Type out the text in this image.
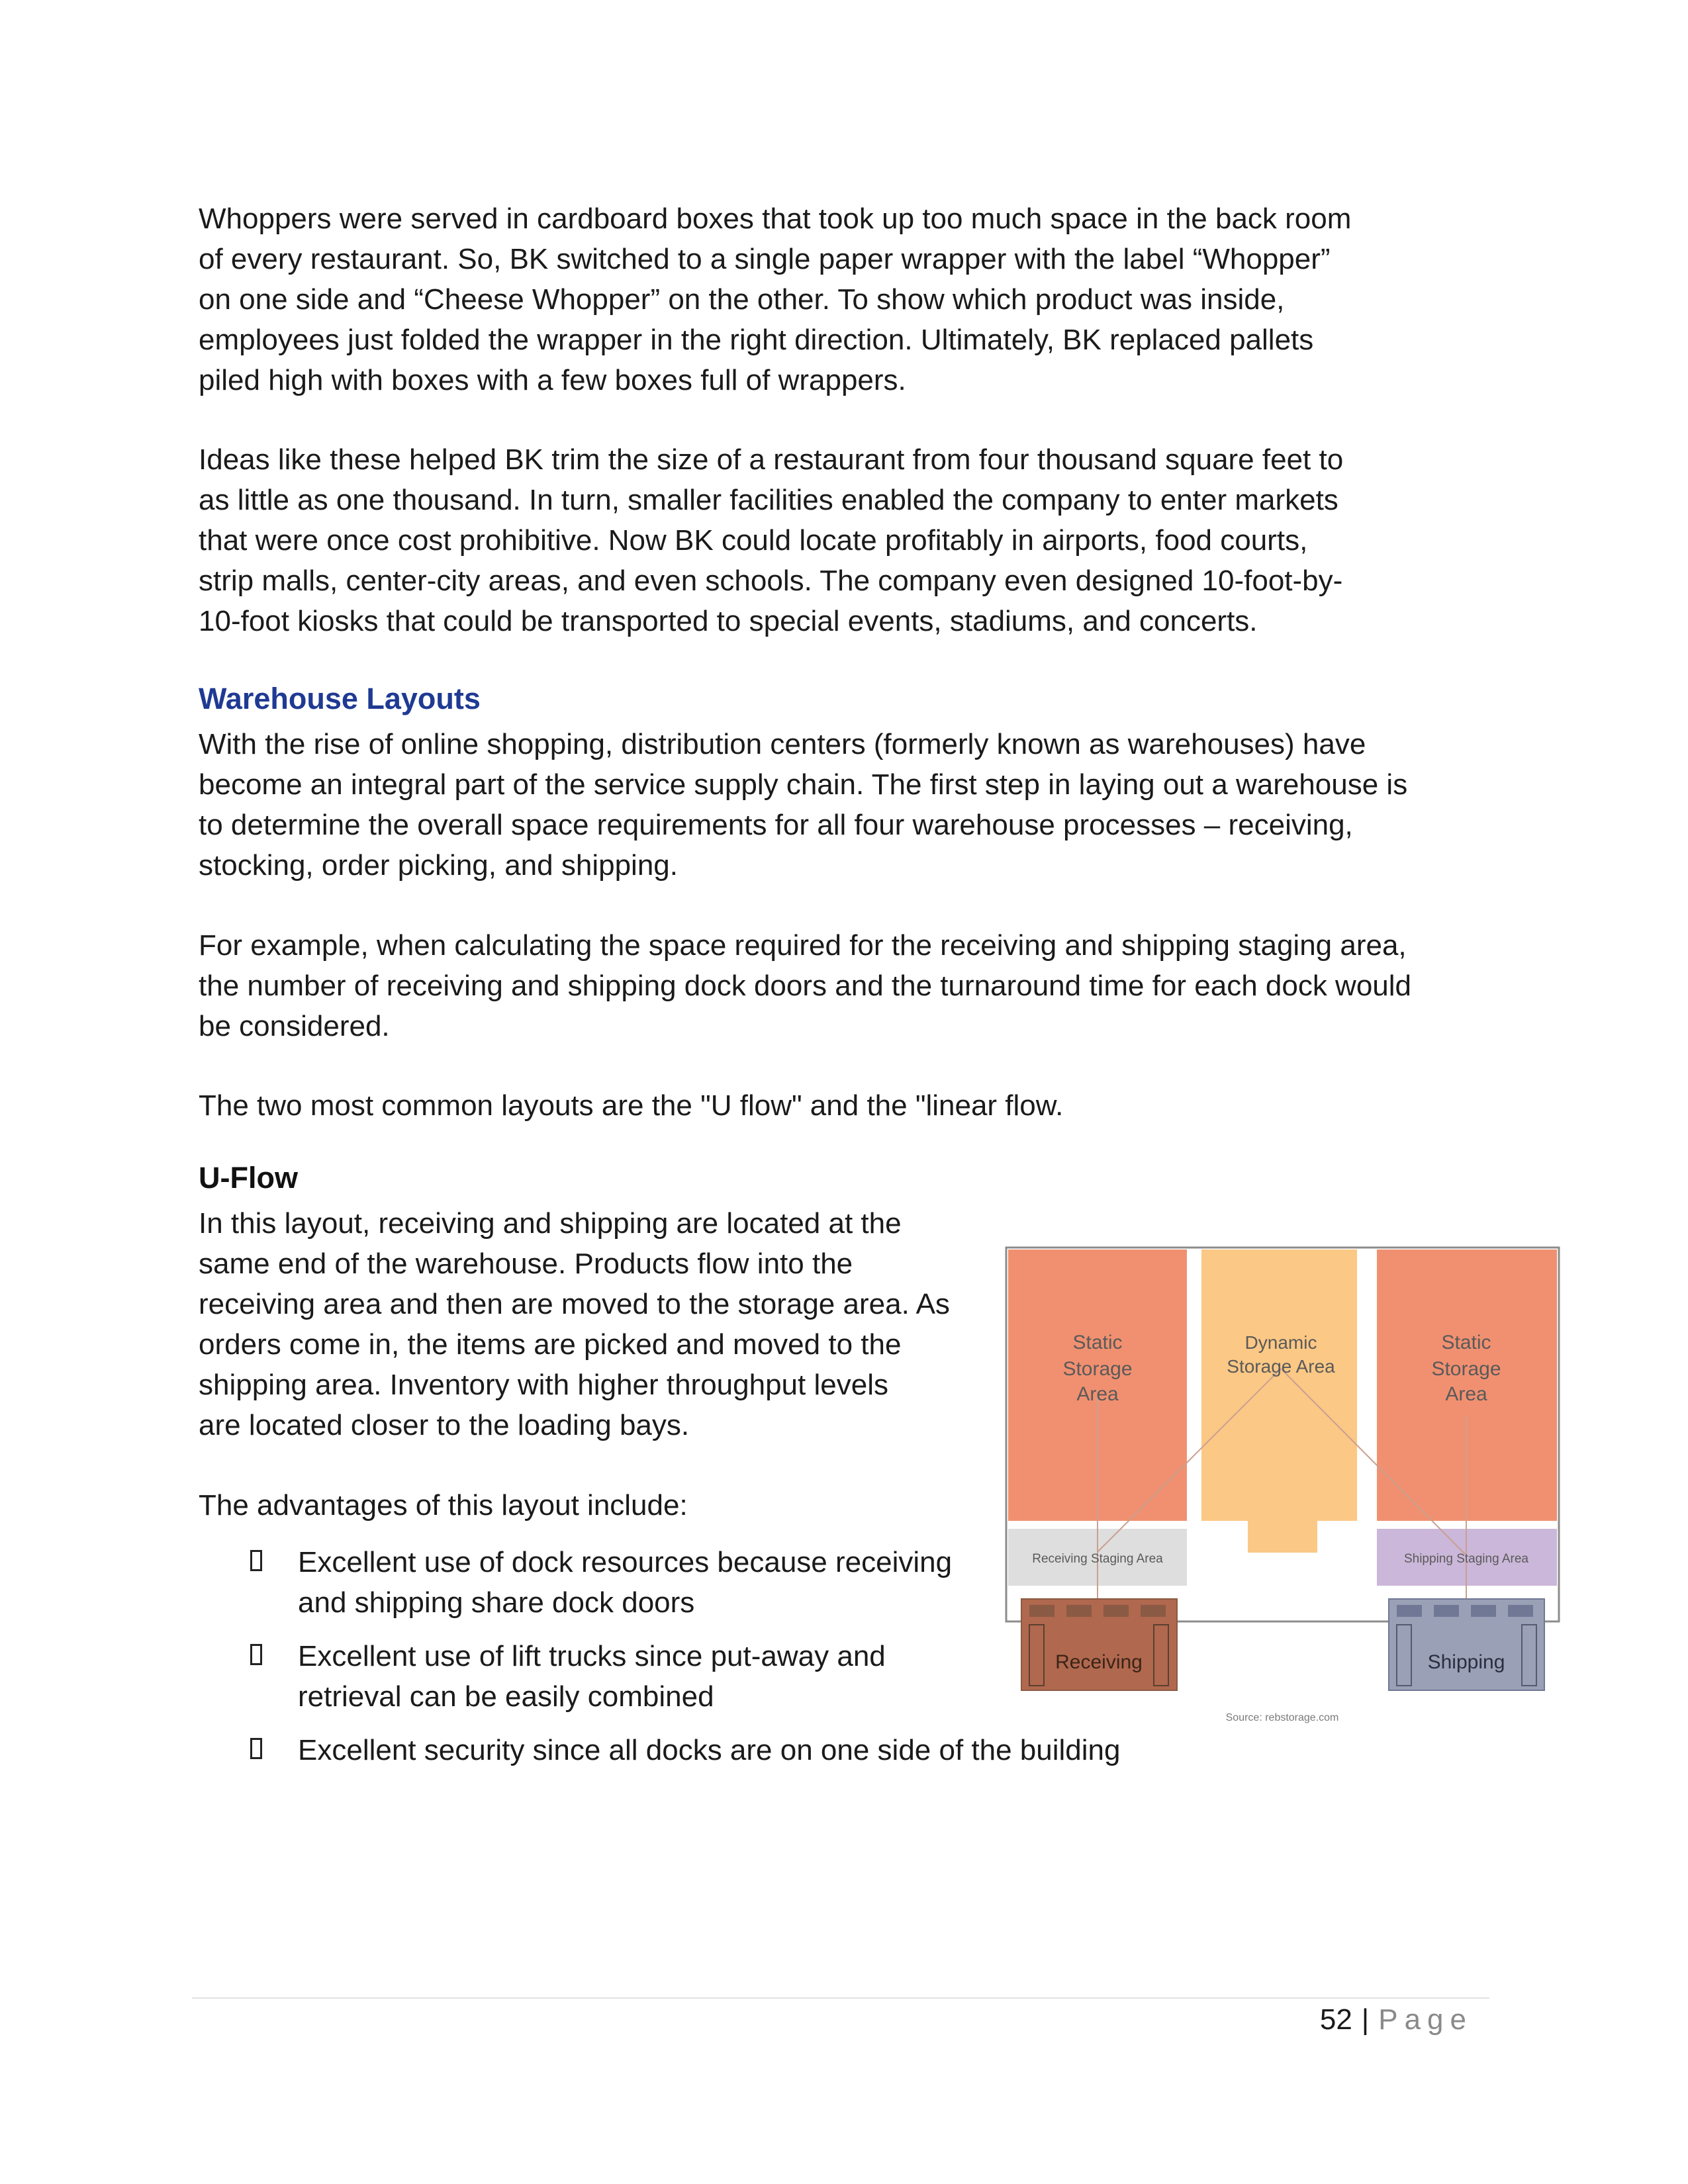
Whoppers were served in cardboard boxes that took up too much space in the back room
of every restaurant. So, BK switched to a single paper wrapper with the label “Whopper”
on one side and “Cheese Whopper” on the other. To show which product was inside,
employees just folded the wrapper in the right direction. Ultimately, BK replaced pallets
piled high with boxes with a few boxes full of wrappers.

Ideas like these helped BK trim the size of a restaurant from four thousand square feet to
as little as one thousand. In turn, smaller facilities enabled the company to enter markets
that were once cost prohibitive. Now BK could locate profitably in airports, food courts,
strip malls, center-city areas, and even schools. The company even designed 10-foot-by-
10-foot kiosks that could be transported to special events, stadiums, and concerts.

Warehouse Layouts

With the rise of online shopping, distribution centers (formerly known as warehouses) have
become an integral part of the service supply chain. The first step in laying out a warehouse is
to determine the overall space requirements for all four warehouse processes – receiving,
stocking, order picking, and shipping.

For example, when calculating the space required for the receiving and shipping staging area,
the number of receiving and shipping dock doors and the turnaround time for each dock would
be considered.

The two most common layouts are the "U flow" and the "linear flow.

U-Flow

In this layout, receiving and shipping are located at the
same end of the warehouse. Products flow into the
receiving area and then are moved to the storage area. As
orders come in, the items are picked and moved to the
shipping area. Inventory with higher throughput levels
are located closer to the loading bays.

The advantages of this layout include:

Excellent use of dock resources because receiving
and shipping share dock doors
Excellent use of lift trucks since put-away and
retrieval can be easily combined
Excellent security since all docks are on one side of the building
Static
Storage
Area
Dynamic
Storage Area
Static
Storage
Area
Receiving Staging Area	Shipping Staging Area
Receiving	Shipping
Source: rebstorage.com
52 | Page
